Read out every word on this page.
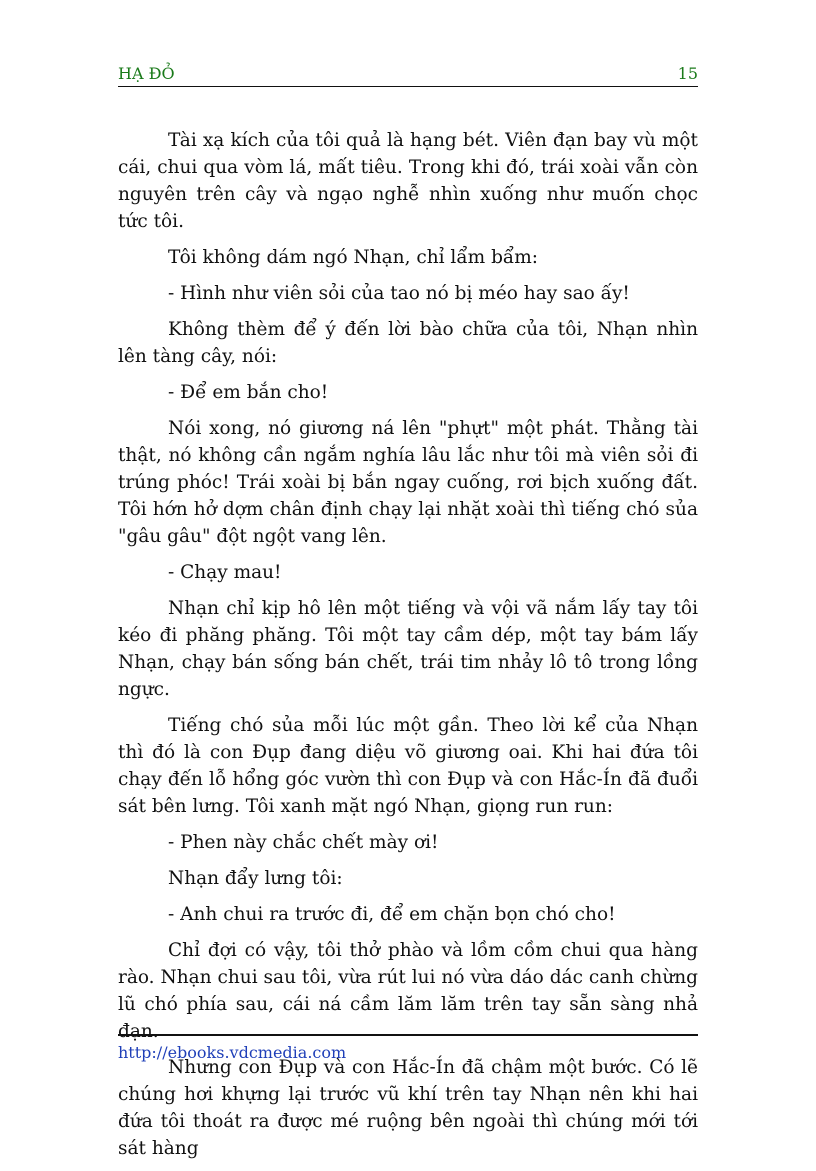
HẠ ĐỎ	15

Tài xạ kích của tôi quả là hạng bét. Viên đạn bay vù một cái, chui qua vòm lá, mất tiêu. Trong khi đó, trái xoài vẫn còn nguyên trên cây và ngạo nghễ nhìn xuống như muốn chọc tức tôi.

Tôi không dám ngó Nhạn, chỉ lẩm bẩm:

- Hình như viên sỏi của tao nó bị méo hay sao ấy!

Không thèm để ý đến lời bào chữa của tôi, Nhạn nhìn lên tàng cây, nói:

- Để em bắn cho!

Nói xong, nó giương ná lên "phựt" một phát. Thằng tài thật, nó không cần ngắm nghía lâu lắc như tôi mà viên sỏi đi trúng phóc! Trái xoài bị bắn ngay cuống, rơi bịch xuống đất. Tôi hớn hở dợm chân định chạy lại nhặt xoài thì tiếng chó sủa "gâu gâu" đột ngột vang lên.

- Chạy mau!

Nhạn chỉ kịp hô lên một tiếng và vội vã nắm lấy tay tôi kéo đi phăng phăng. Tôi một tay cầm dép, một tay bám lấy Nhạn, chạy bán sống bán chết, trái tim nhảy lô tô trong lồng ngực.

Tiếng chó sủa mỗi lúc một gần. Theo lời kể của Nhạn thì đó là con Đụp đang diệu võ giương oai. Khi hai đứa tôi chạy đến lỗ hổng góc vườn thì con Đụp và con Hắc-Ín đã đuổi sát bên lưng. Tôi xanh mặt ngó Nhạn, giọng run run:

- Phen này chắc chết mày ơi!

Nhạn đẩy lưng tôi:

- Anh chui ra trước đi, để em chặn bọn chó cho!

Chỉ đợi có vậy, tôi thở phào và lồm cồm chui qua hàng rào. Nhạn chui sau tôi, vừa rút lui nó vừa dáo dác canh chừng lũ chó phía sau, cái ná cầm lăm lăm trên tay sẵn sàng nhả đạn.

Nhưng con Đụp và con Hắc-Ín đã chậm một bước. Có lẽ chúng hơi khựng lại trước vũ khí trên tay Nhạn nên khi hai đứa tôi thoát ra được mé ruộng bên ngoài thì chúng mới tới sát hàng

http://ebooks.vdcmedia.com
